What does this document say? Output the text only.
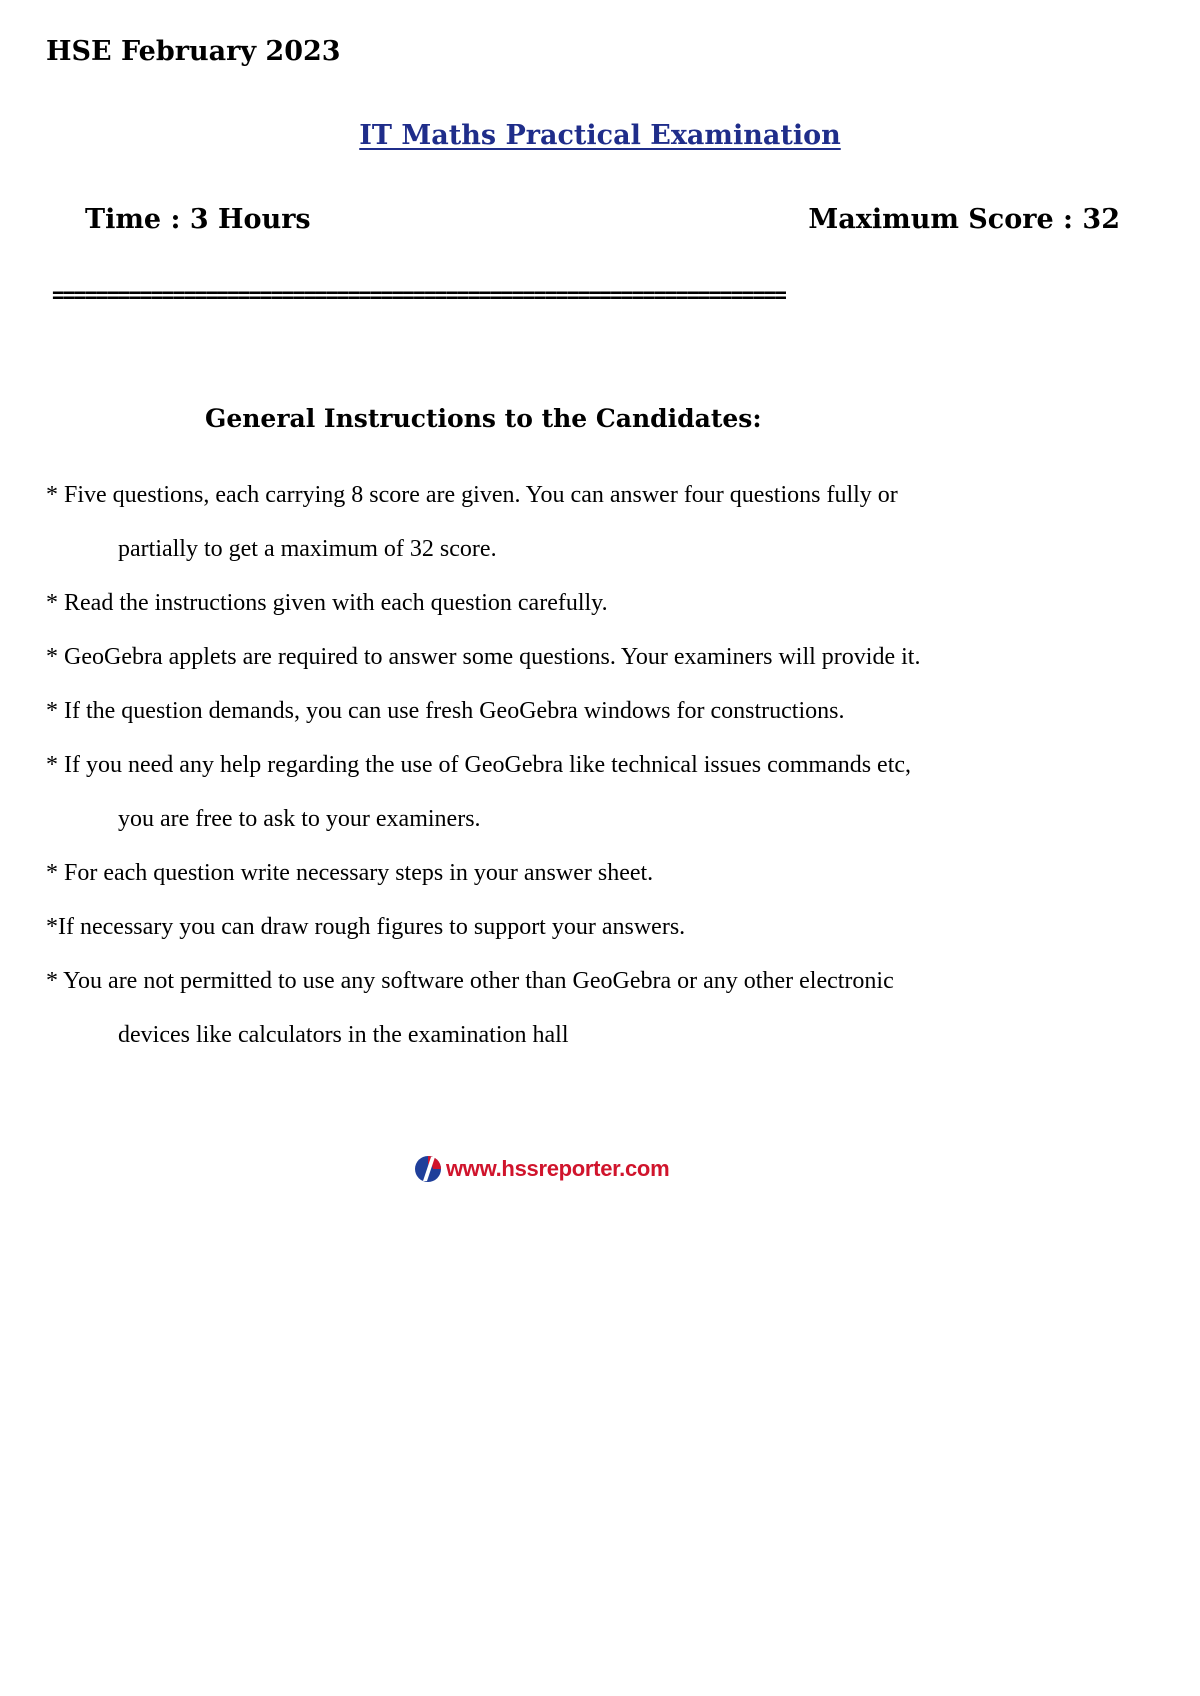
HSE February 2023
IT Maths Practical Examination
Time : 3 Hours	Maximum Score : 32
===================================================================
General Instructions to the Candidates:
* Five questions, each carrying 8 score are given. You can answer four questions fully or
partially to get a maximum of 32 score.
* Read the instructions given with each question carefully.
* GeoGebra applets are required to answer some questions. Your examiners will provide it.
* If the question demands, you can use fresh GeoGebra windows for constructions.
* If you need any help regarding the use of GeoGebra like technical issues commands etc,
you are free to ask to your examiners.
* For each question write necessary steps in your answer sheet.
*If necessary you can draw rough figures to support your answers.
* You are not permitted to use any software other than GeoGebra or any other electronic
devices like calculators in the examination hall
www.hssreporter.com
